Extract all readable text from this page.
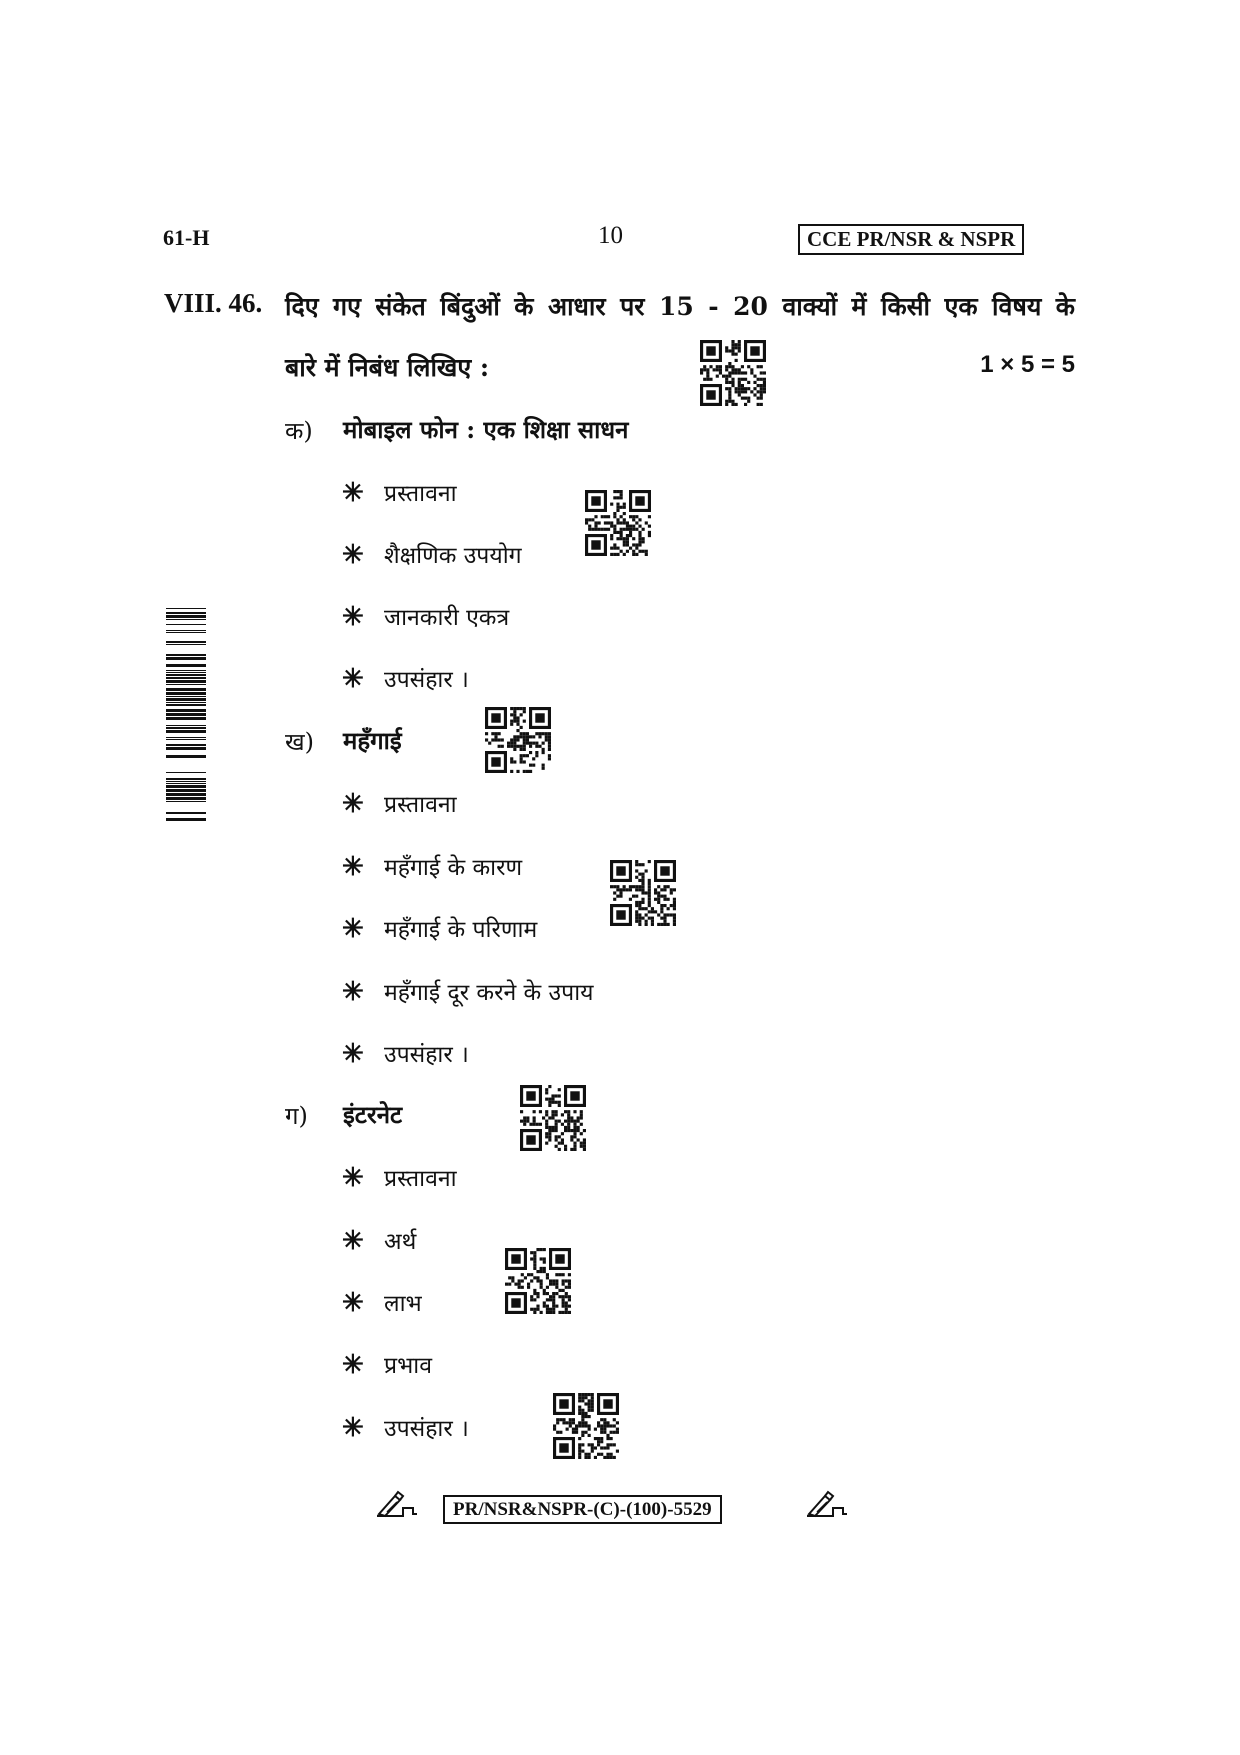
61-H	10	CCE PR/NSR & NSPR
VIII. 46. दिए गए संकेत बिंदुओं के आधार पर 15 - 20 वाक्यों में किसी एक विषय के
बारे में निबंध लिखिए :	1 × 5 = 5
क) मोबाइल फोन : एक शिक्षा साधन
✳ प्रस्तावना
✳ शैक्षणिक उपयोग
✳ जानकारी एकत्र
✳ उपसंहार ।
ख) महँगाई
✳ प्रस्तावना
✳ महँगाई के कारण
✳ महँगाई के परिणाम
✳ महँगाई दूर करने के उपाय
✳ उपसंहार ।
ग) इंटरनेट
✳ प्रस्तावना
✳ अर्थ
✳ लाभ
✳ प्रभाव
✳ उपसंहार ।
PR/NSR&NSPR-(C)-(100)-5529
